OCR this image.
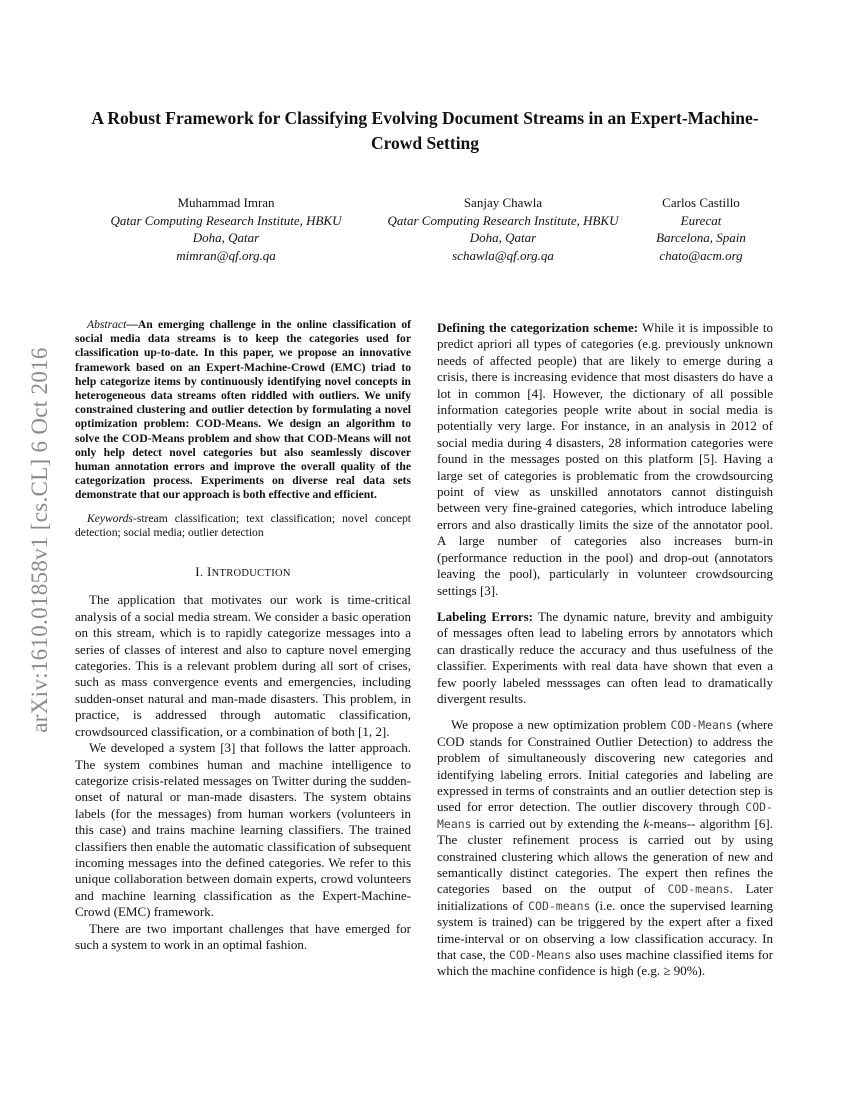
arXiv:1610.01858v1 [cs.CL] 6 Oct 2016
A Robust Framework for Classifying Evolving Document Streams in an Expert-Machine-Crowd Setting
Muhammad Imran
Qatar Computing Research Institute, HBKU
Doha, Qatar
mimran@qf.org.qa
Sanjay Chawla
Qatar Computing Research Institute, HBKU
Doha, Qatar
schawla@qf.org.qa
Carlos Castillo
Eurecat
Barcelona, Spain
chato@acm.org

Abstract—An emerging challenge in the online classification of social media data streams is to keep the categories used for classification up-to-date. In this paper, we propose an innovative framework based on an Expert-Machine-Crowd (EMC) triad to help categorize items by continuously identifying novel concepts in heterogeneous data streams often riddled with outliers. We unify constrained clustering and outlier detection by formulating a novel optimization problem: COD-Means. We design an algorithm to solve the COD-Means problem and show that COD-Means will not only help detect novel categories but also seamlessly discover human annotation errors and improve the overall quality of the categorization process. Experiments on diverse real data sets demonstrate that our approach is both effective and efficient.

Keywords-stream classification; text classification; novel concept detection; social media; outlier detection

I. INTRODUCTION

The application that motivates our work is time-critical analysis of a social media stream. We consider a basic operation on this stream, which is to rapidly categorize messages into a series of classes of interest and also to capture novel emerging categories. This is a relevant problem during all sort of crises, such as mass convergence events and emergencies, including sudden-onset natural and man-made disasters. This problem, in practice, is addressed through automatic classification, crowdsourced classification, or a combination of both [1, 2].

We developed a system [3] that follows the latter approach. The system combines human and machine intelligence to categorize crisis-related messages on Twitter during the sudden-onset of natural or man-made disasters. The system obtains labels (for the messages) from human workers (volunteers in this case) and trains machine learning classifiers. The trained classifiers then enable the automatic classification of subsequent incoming messages into the defined categories. We refer to this unique collaboration between domain experts, crowd volunteers and machine learning classification as the Expert-Machine-Crowd (EMC) framework.

There are two important challenges that have emerged for such a system to work in an optimal fashion.

Defining the categorization scheme: While it is impossible to predict apriori all types of categories (e.g. previously unknown needs of affected people) that are likely to emerge during a crisis, there is increasing evidence that most disasters do have a lot in common [4]. However, the dictionary of all possible information categories people write about in social media is potentially very large. For instance, in an analysis in 2012 of social media during 4 disasters, 28 information categories were found in the messages posted on this platform [5]. Having a large set of categories is problematic from the crowdsourcing point of view as unskilled annotators cannot distinguish between very fine-grained categories, which introduce labeling errors and also drastically limits the size of the annotator pool. A large number of categories also increases burn-in (performance reduction in the pool) and drop-out (annotators leaving the pool), particularly in volunteer crowdsourcing settings [3].

Labeling Errors: The dynamic nature, brevity and ambiguity of messages often lead to labeling errors by annotators which can drastically reduce the accuracy and thus usefulness of the classifier. Experiments with real data have shown that even a few poorly labeled messsages can often lead to dramatically divergent results.

We propose a new optimization problem COD-Means (where COD stands for Constrained Outlier Detection) to address the problem of simultaneously discovering new categories and identifying labeling errors. Initial categories and labeling are expressed in terms of constraints and an outlier detection step is used for error detection. The outlier discovery through COD-Means is carried out by extending the k-means-- algorithm [6]. The cluster refinement process is carried out by using constrained clustering which allows the generation of new and semantically distinct categories. The expert then refines the categories based on the output of COD-means. Later initializations of COD-means (i.e. once the supervised learning system is trained) can be triggered by the expert after a fixed time-interval or on observing a low classification accuracy. In that case, the COD-Means also uses machine classified items for which the machine confidence is high (e.g. ≥ 90%).
